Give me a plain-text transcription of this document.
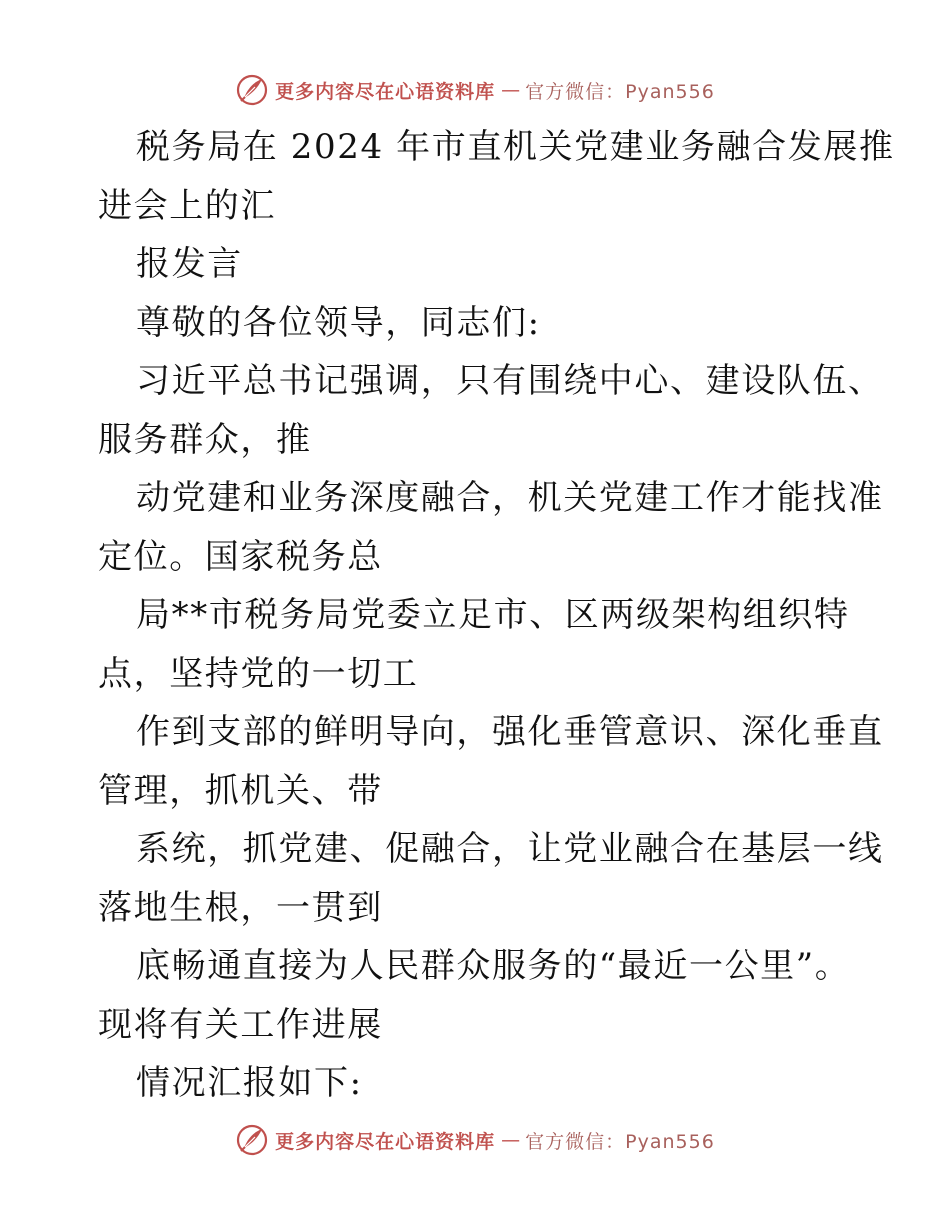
更多内容尽在心语资料库 — 官方微信：Pyan556
税务局在 2024 年市直机关党建业务融合发展推
进会上的汇
报发言
尊敬的各位领导，同志们:
习近平总书记强调，只有围绕中心、建设队伍、
服务群众，推
动党建和业务深度融合，机关党建工作才能找准
定位。国家税务总
局**市税务局党委立足市、区两级架构组织特
点，坚持党的一切工
作到支部的鲜明导向，强化垂管意识、深化垂直
管理，抓机关、带
系统，抓党建、促融合，让党业融合在基层一线
落地生根，一贯到
底畅通直接为人民群众服务的“最近一公里”。
现将有关工作进展
情况汇报如下:
更多内容尽在心语资料库 — 官方微信：Pyan556
